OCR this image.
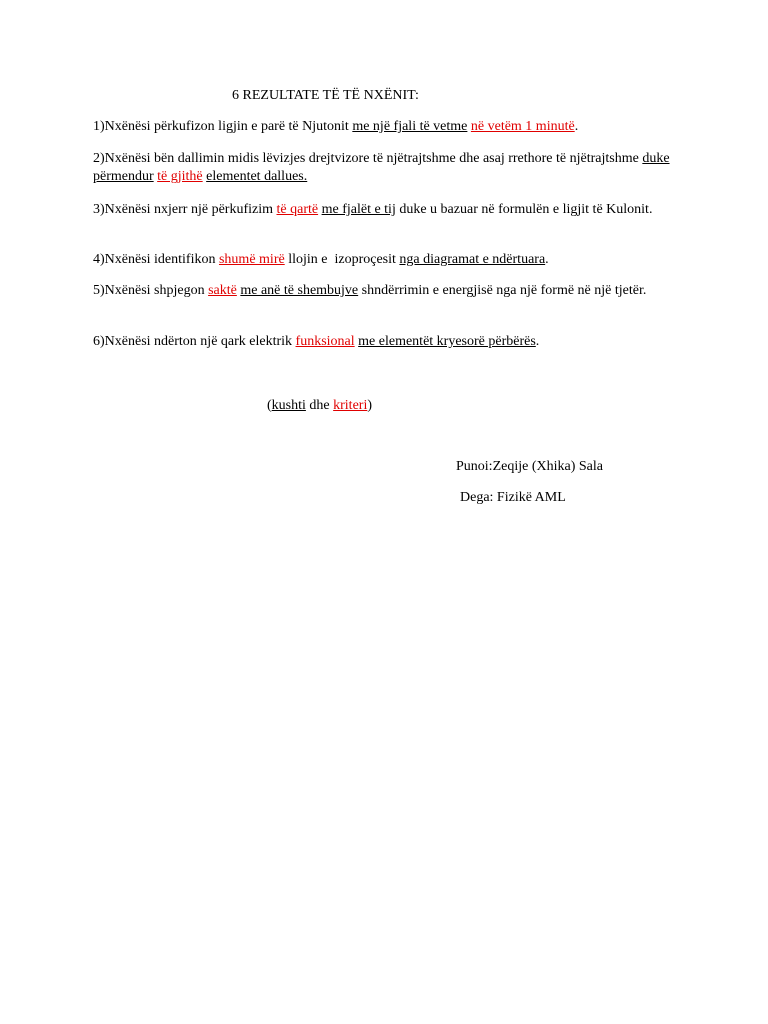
6 REZULTATE TË TË NXËNIT:

1)Nxënësi përkufizon ligjin e parë të Njutonit me një fjali të vetme në vetëm 1 minutë.

2)Nxënësi bën dallimin midis lëvizjes drejtvizore të njëtrajtshme dhe asaj rrethore të njëtrajtshme duke përmendur të gjithë elementet dallues.

3)Nxënësi nxjerr një përkufizim të qartë me fjalët e tij duke u bazuar në formulën e ligjit të Kulonit.

4)Nxënësi identifikon shumë mirë llojin e  izoproçesit nga diagramat e ndërtuara.

5)Nxënësi shpjegon saktë me anë të shembujve shndërrimin e energjisë nga një formë në një tjetër.

6)Nxënësi ndërton një qark elektrik funksional me elementët kryesorë përbërës.

(kushti dhe kriteri)
Punoi:Zeqije (Xhika) Sala
Dega: Fizikë AML
